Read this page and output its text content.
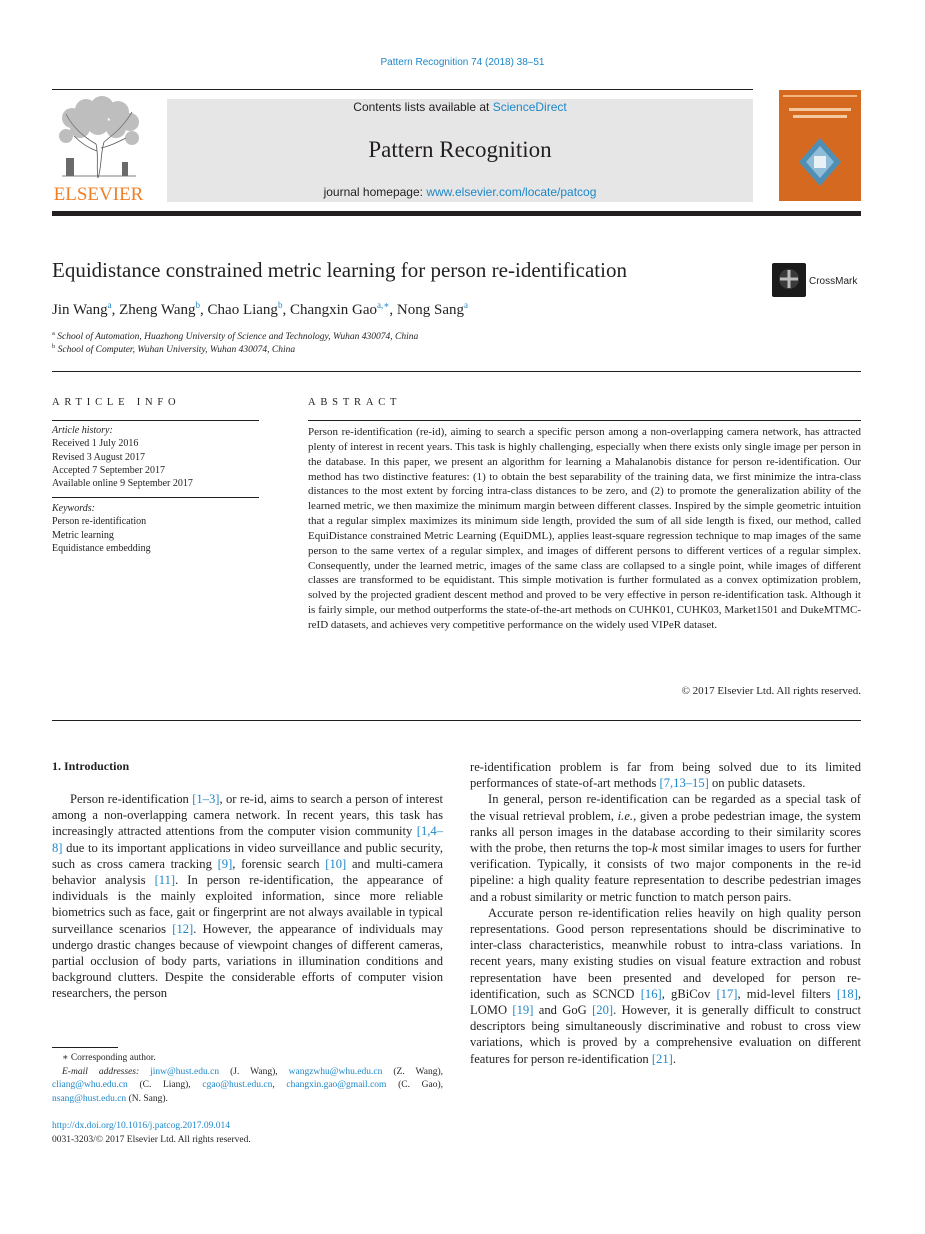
Pattern Recognition 74 (2018) 38–51
ELSEVIER
Contents lists available at ScienceDirect
Pattern Recognition
journal homepage: www.elsevier.com/locate/patcog
Equidistance constrained metric learning for person re-identification	CrossMark
Jin Wang$^a$, Zheng Wang$^b$, Chao Liang$^b$, Changxin Gao$^{a,∗}$, Nong Sang$^a$
$^a$ School of Automation, Huazhong University of Science and Technology, Wuhan 430074, China
$^b$ School of Computer, Wuhan University, Wuhan 430074, China
ARTICLE INFO
Article history:
Received 1 July 2016
Revised 3 August 2017
Accepted 7 September 2017
Available online 9 September 2017
Keywords:
Person re-identification
Metric learning
Equidistance embedding
ABSTRACT
Person re-identification (re-id), aiming to search a specific person among a non-overlapping camera network, has attracted plenty of interest in recent years. This task is highly challenging, especially when there exists only single image per person in the database. In this paper, we present an algorithm for learning a Mahalanobis distance for person re-identification. Our method has two distinctive features: (1) to obtain the best separability of the training data, we first minimize the intra-class distances to the most extent by forcing intra-class distances to be zero, and (2) to promote the generalization ability of the learned metric, we then maximize the minimum margin between different classes. Inspired by the simple geometric intuition that a regular simplex maximizes its minimum side length, provided the sum of all side length is fixed, our method, called EquiDistance constrained Metric Learning (EquiDML), applies least-square regression technique to map images of the same person to the same vertex of a regular simplex, and images of different persons to different vertices of a regular simplex. Consequently, under the learned metric, images of the same class are collapsed to a single point, while images of different classes are transformed to be equidistant. This simple motivation is further formulated as a convex optimization problem, solved by the projected gradient descent method and proved to be very effective in person re-identification task. Although it is fairly simple, our method outperforms the state-of-the-art methods on CUHK01, CUHK03, Market1501 and DukeMTMC-reID datasets, and achieves very competitive performance on the widely used VIPeR dataset.
© 2017 Elsevier Ltd. All rights reserved.
1. Introduction

Person re-identification [1–3], or re-id, aims to search a person of interest among a non-overlapping camera network. In recent years, this task has increasingly attracted attentions from the computer vision community [1,4–8] due to its important applications in video surveillance and public security, such as cross camera tracking [9], forensic search [10] and multi-camera behavior analysis [11]. In person re-identification, the appearance of individuals is the mainly exploited information, since more reliable biometrics such as face, gait or fingerprint are not always available in typical surveillance scenarios [12]. However, the appearance of individuals may undergo drastic changes because of viewpoint changes of different cameras, partial occlusion of body parts, variations in illumination conditions and background clutters. Despite the considerable efforts of computer vision researchers, the person

re-identification problem is far from being solved due to its limited performances of state-of-art methods [7,13–15] on public datasets.

In general, person re-identification can be regarded as a special task of the visual retrieval problem, i.e., given a probe pedestrian image, the system ranks all person images in the database according to their similarity scores with the probe, then returns the top-k most similar images to users for further verification. Typically, it consists of two major components in the re-id pipeline: a high quality feature representation to describe pedestrian images and a robust similarity or metric function to match person pairs.

Accurate person re-identification relies heavily on high quality person representations. Good person representations should be discriminative to inter-class characteristics, meanwhile robust to intra-class variations. In recent years, many existing studies on visual feature extraction and robust representation have been presented and developed for person re-identification, such as SCNCD [16], gBiCov [17], mid-level filters [18], LOMO [19] and GoG [20]. However, it is generally difficult to construct descriptors being simultaneously discriminative and robust to cross view variations, which is proved by a comprehensive evaluation on different features for person re-identification [21].

∗ Corresponding author.
E-mail addresses: jinw@hust.edu.cn (J. Wang), wangzwhu@whu.edu.cn (Z. Wang), cliang@whu.edu.cn (C. Liang), cgao@hust.edu.cn, changxin.gao@gmail.com (C. Gao), nsang@hust.edu.cn (N. Sang).
http://dx.doi.org/10.1016/j.patcog.2017.09.014
0031-3203/© 2017 Elsevier Ltd. All rights reserved.
